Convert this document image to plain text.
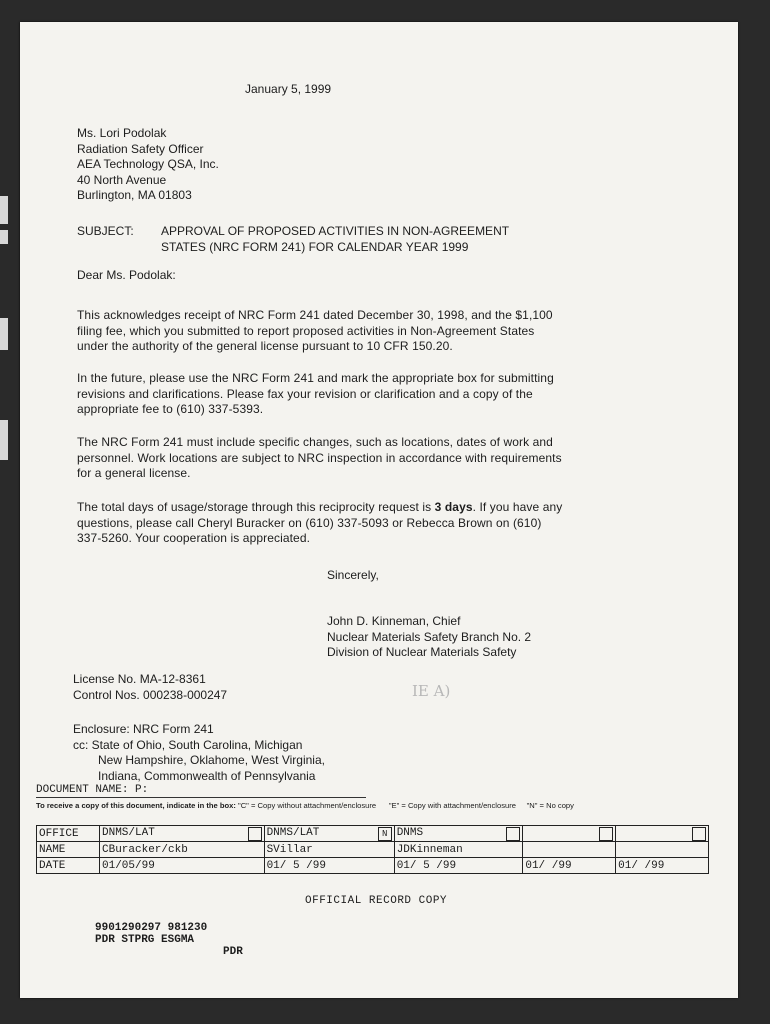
January 5, 1999
Ms. Lori Podolak
Radiation Safety Officer
AEA Technology QSA, Inc.
40 North Avenue
Burlington, MA 01803
SUBJECT: APPROVAL OF PROPOSED ACTIVITIES IN NON-AGREEMENT
STATES (NRC FORM 241) FOR CALENDAR YEAR 1999
Dear Ms. Podolak:
This acknowledges receipt of NRC Form 241 dated December 30, 1998, and the $1,100
filing fee, which you submitted to report proposed activities in Non-Agreement States
under the authority of the general license pursuant to 10 CFR 150.20.
In the future, please use the NRC Form 241 and mark the appropriate box for submitting
revisions and clarifications. Please fax your revision or clarification and a copy of the
appropriate fee to (610) 337-5393.
The NRC Form 241 must include specific changes, such as locations, dates of work and
personnel. Work locations are subject to NRC inspection in accordance with requirements
for a general license.
The total days of usage/storage through this reciprocity request is 3 days. If you have any
questions, please call Cheryl Buracker on (610) 337-5093 or Rebecca Brown on (610)
337-5260. Your cooperation is appreciated.
Sincerely,
John D. Kinneman, Chief
Nuclear Materials Safety Branch No. 2
Division of Nuclear Materials Safety
IE A)
License No. MA-12-8361
Control Nos. 000238-000247
Enclosure: NRC Form 241
cc: State of Ohio, South Carolina, Michigan
New Hampshire, Oklahome, West Virginia,
Indiana, Commonwealth of Pennsylvania
DOCUMENT NAME: P:
To receive a copy of this document, indicate in the box: "C" = Copy without attachment/enclosure "E" = Copy with attachment/enclosure "N" = No copy
OFFICE	DNMS/LAT	DNMS/LAT N	DNMS

NAME	CBuracker/ckb	SVillar	JDKinneman		
DATE	01/05/99	01/ 5 /99	01/ 5 /99	01/ /99	01/ /99
OFFICIAL RECORD COPY
9901290297 981230
PDR STPRG ESGMA
PDR
